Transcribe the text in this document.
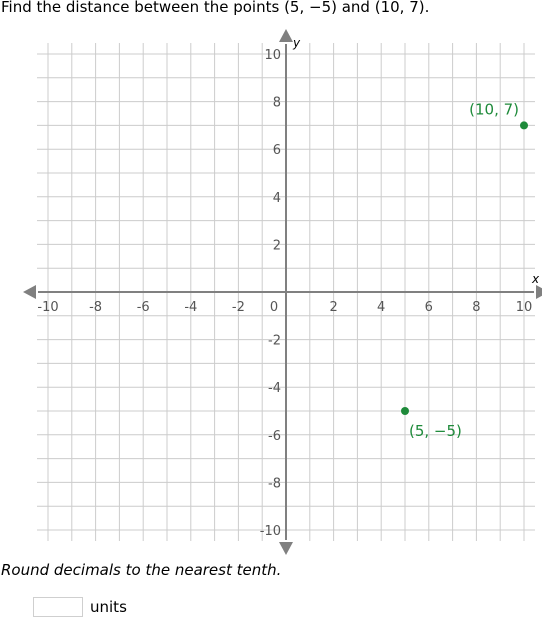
Find the distance between the points (5, −5) and (10, 7).
-10 -8	-6	-4	-2 0	2	4	6	8	10
10
8
6
4
2
-2
-4
-6
-8
-10
x
y
(5, −5)
(10, 7)
Round decimals to the nearest tenth.
units
